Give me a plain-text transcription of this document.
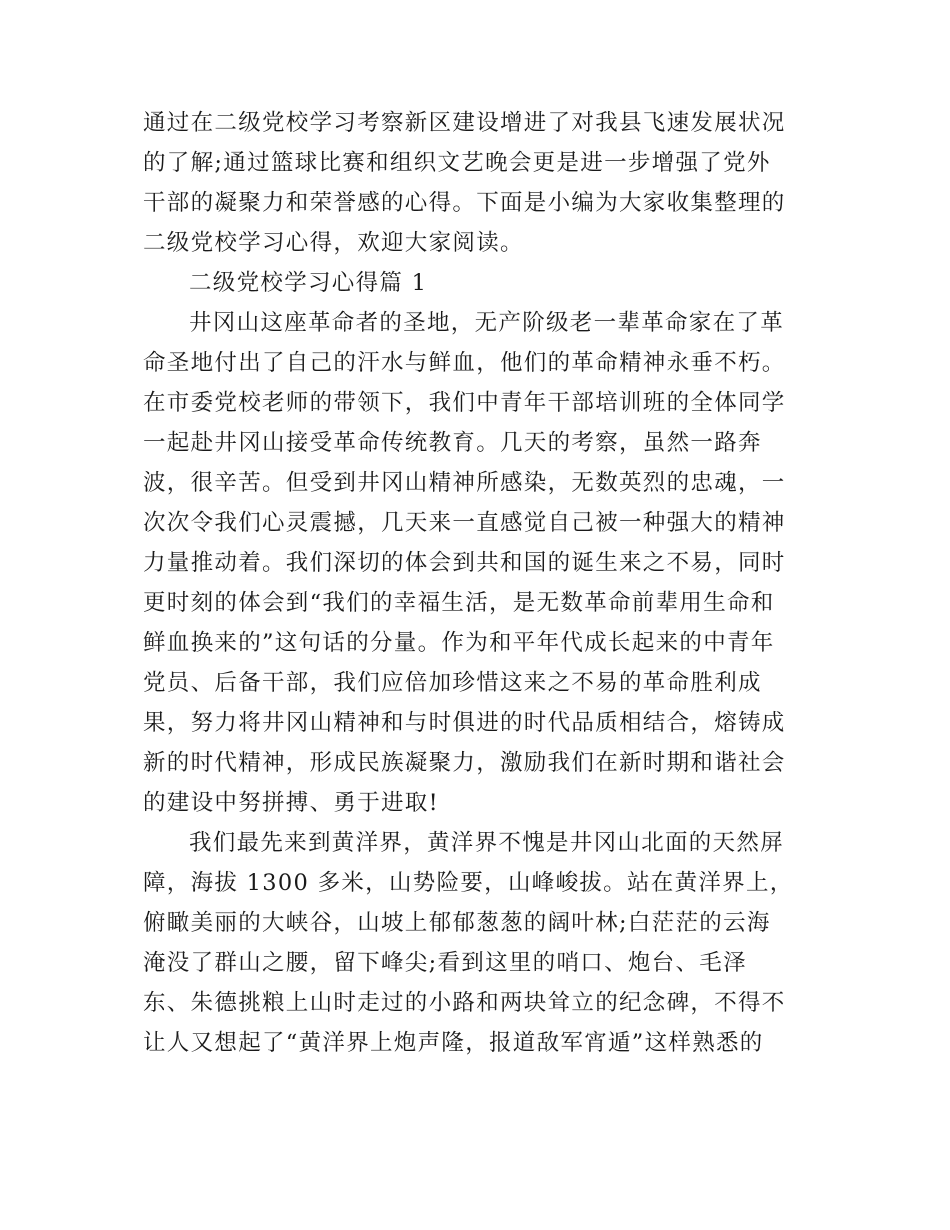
通过在二级党校学习考察新区建设增进了对我县飞速发展状况
的了解;通过篮球比赛和组织文艺晚会更是进一步增强了党外
干部的凝聚力和荣誉感的心得。下面是小编为大家收集整理的
二级党校学习心得，欢迎大家阅读。
二级党校学习心得篇 1
井冈山这座革命者的圣地，无产阶级老一辈革命家在了革
命圣地付出了自己的汗水与鲜血，他们的革命精神永垂不朽。
在市委党校老师的带领下，我们中青年干部培训班的全体同学
一起赴井冈山接受革命传统教育。几天的考察，虽然一路奔
波，很辛苦。但受到井冈山精神所感染，无数英烈的忠魂，一
次次令我们心灵震撼，几天来一直感觉自己被一种强大的精神
力量推动着。我们深切的体会到共和国的诞生来之不易，同时
更时刻的体会到“我们的幸福生活，是无数革命前辈用生命和
鲜血换来的”这句话的分量。作为和平年代成长起来的中青年
党员、后备干部，我们应倍加珍惜这来之不易的革命胜利成
果，努力将井冈山精神和与时俱进的时代品质相结合，熔铸成
新的时代精神，形成民族凝聚力，激励我们在新时期和谐社会
的建设中努拼搏、勇于进取!
我们最先来到黄洋界，黄洋界不愧是井冈山北面的天然屏
障，海拔 1300 多米，山势险要，山峰峻拔。站在黄洋界上，
俯瞰美丽的大峡谷，山坡上郁郁葱葱的阔叶林;白茫茫的云海
淹没了群山之腰，留下峰尖;看到这里的哨口、炮台、毛泽
东、朱德挑粮上山时走过的小路和两块耸立的纪念碑，不得不
让人又想起了“黄洋界上炮声隆，报道敌军宵遁”这样熟悉的
